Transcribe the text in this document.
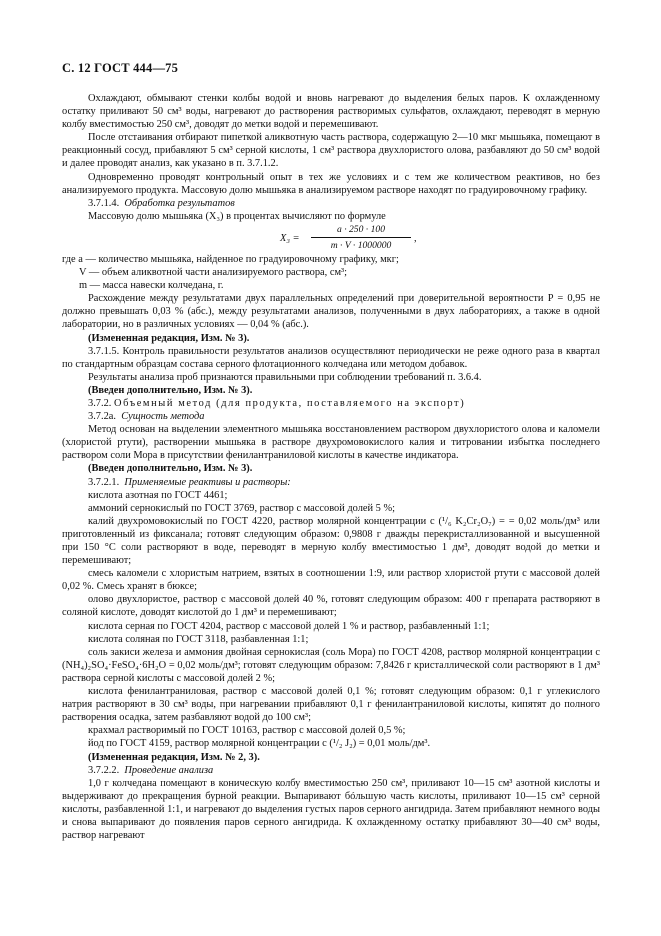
С. 12 ГОСТ 444—75

Охлаждают, обмывают стенки колбы водой и вновь нагревают до выделения белых паров. К охлажденному остатку приливают 50 см³ воды, нагревают до растворения растворимых сульфатов, охлаждают, переводят в мерную колбу вместимостью 250 см³, доводят до метки водой и перемешивают.

После отстаивания отбирают пипеткой аликвотную часть раствора, содержащую 2—10 мкг мышьяка, помещают в реакционный сосуд, прибавляют 5 см³ серной кислоты, 1 см³ раствора двухлористого олова, разбавляют до 50 см³ водой и далее проводят анализ, как указано в п. 3.7.1.2.

Одновременно проводят контрольный опыт в тех же условиях и с тем же количеством реактивов, но без анализируемого продукта. Массовую долю мышьяка в анализируемом растворе находят по градуировочному графику.

3.7.1.4. Обработка результатов

Массовую долю мышьяка (X₃) в процентах вычисляют по формуле

$X_3 = \frac{a \cdot 250 \cdot 100}{m \cdot V \cdot 1000000}$ ,

где a — количество мышьяка, найденное по градуировочному графику, мкг;

V — объем аликвотной части анализируемого раствора, см³;

m — масса навески колчедана, г.

Расхождение между результатами двух параллельных определений при доверительной вероятности P = 0,95 не должно превышать 0,03 % (абс.), между результатами анализов, полученными в двух лабораториях, а также в одной лаборатории, но в различных условиях — 0,04 % (абс.).

(Измененная редакция, Изм. № 3).

3.7.1.5. Контроль правильности результатов анализов осуществляют периодически не реже одного раза в квартал по стандартным образцам состава серного флотационного колчедана или методом добавок.

Результаты анализа проб признаются правильными при соблюдении требований п. 3.6.4.

(Введен дополнительно, Изм. № 3).

3.7.2. Объемный метод (для продукта, поставляемого на экспорт)

3.7.2а. Сущность метода

Метод основан на выделении элементного мышьяка восстановлением раствором двухлористого олова и каломели (хлористой ртути), растворении мышьяка в растворе двухромовокислого калия и титровании избытка последнего раствором соли Мора в присутствии фенилантраниловой кислоты в качестве индикатора.

(Введен дополнительно, Изм. № 3).

3.7.2.1. Применяемые реактивы и растворы:

кислота азотная по ГОСТ 4461;

аммоний сернокислый по ГОСТ 3769, раствор с массовой долей 5 %;

калий двухромовокислый по ГОСТ 4220, раствор молярной концентрации c (¹/₆ K₂Cr₂O₇) = = 0,02 моль/дм³ или приготовленный из фиксанала; готовят следующим образом: 0,9808 г дважды перекристаллизованной и высушенной при 150 °С соли растворяют в воде, переводят в мерную колбу вместимостью 1 дм³, доводят водой до метки и перемешивают;

смесь каломели с хлористым натрием, взятых в соотношении 1:9, или раствор хлористой ртути с массовой долей 0,02 %. Смесь хранят в бюксе;

олово двухлористое, раствор с массовой долей 40 %, готовят следующим образом: 400 г препарата растворяют в соляной кислоте, доводят кислотой до 1 дм³ и перемешивают;

кислота серная по ГОСТ 4204, раствор с массовой долей 1 % и раствор, разбавленный 1:1;

кислота соляная по ГОСТ 3118, разбавленная 1:1;

соль закиси железа и аммония двойная сернокислая (соль Мора) по ГОСТ 4208, раствор молярной концентрации c (NH₄)₂SO₄·FeSO₄·6H₂O = 0,02 моль/дм³; готовят следующим образом: 7,8426 г кристаллической соли растворяют в 1 дм³ раствора серной кислоты с массовой долей 2 %;

кислота фенилантраниловая, раствор с массовой долей 0,1 %; готовят следующим образом: 0,1 г углекислого натрия растворяют в 30 см³ воды, при нагревании прибавляют 0,1 г фенилантраниловой кислоты, кипятят до полного растворения осадка, затем разбавляют водой до 100 см³;

крахмал растворимый по ГОСТ 10163, раствор с массовой долей 0,5 %;

йод по ГОСТ 4159, раствор молярной концентрации c (¹/₂ J₂) = 0,01 моль/дм³.

(Измененная редакция, Изм. № 2, 3).

3.7.2.2. Проведение анализа

1,0 г колчедана помещают в коническую колбу вместимостью 250 см³, приливают 10—15 см³ азотной кислоты и выдерживают до прекращения бурной реакции. Выпаривают бóльшую часть кислоты, приливают 10—15 см³ серной кислоты, разбавленной 1:1, и нагревают до выделения густых паров серного ангидрида. Затем прибавляют немного воды и снова выпаривают до появления паров серного ангидрида. К охлажденному остатку прибавляют 30—40 см³ воды, раствор нагревают
